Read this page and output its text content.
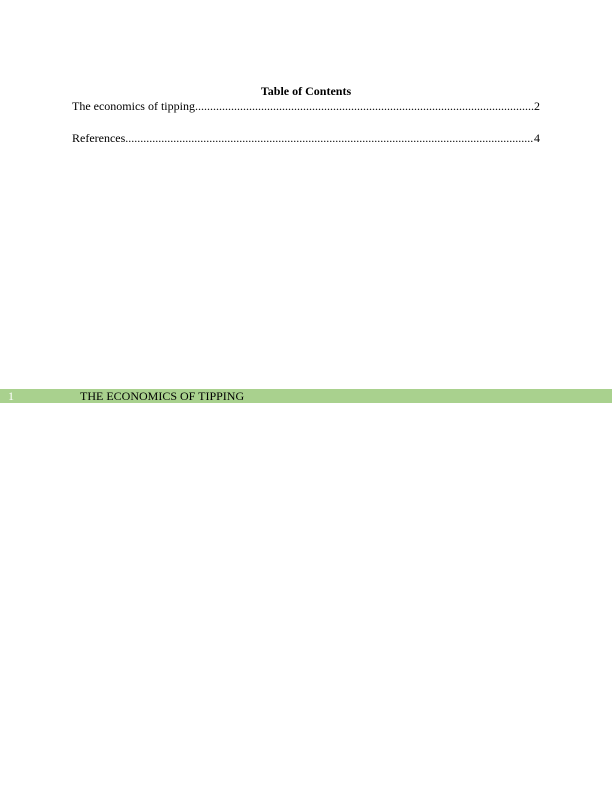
Table of Contents
The economics of tipping .....	2
References .....	4
1	THE ECONOMICS OF TIPPING
